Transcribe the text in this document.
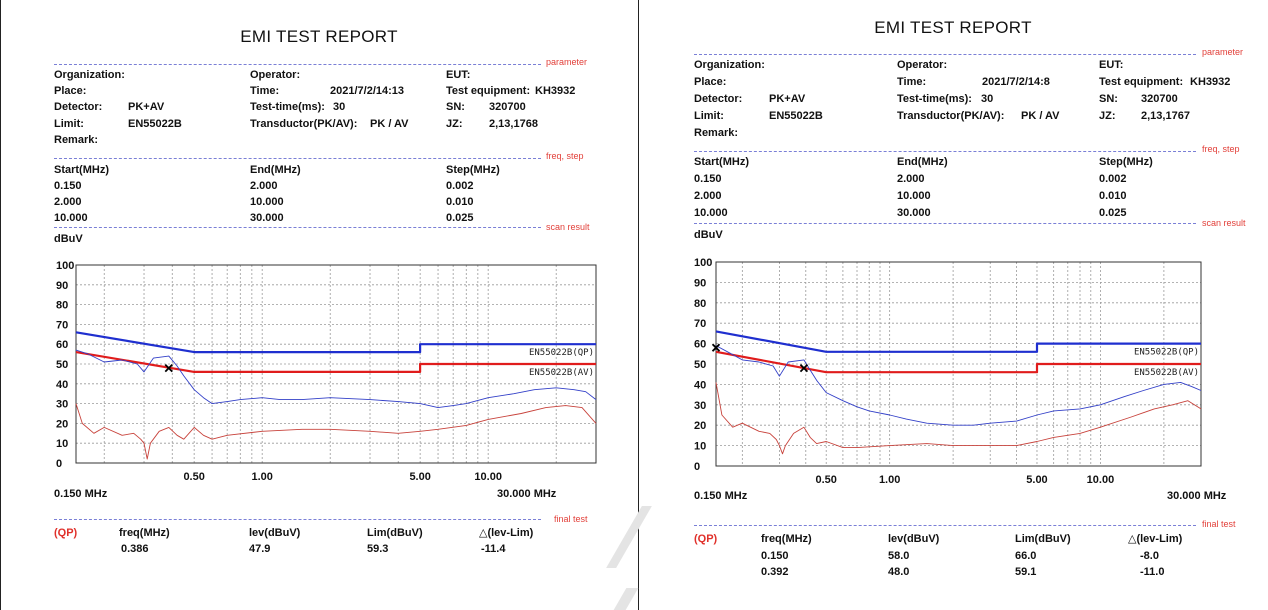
EMI TEST REPORT
parameter
Organization:
Place:
Detector: PK+AV
Limit:	EN55022B
Remark:
Operator:
Time:	2021/7/2/14:13
Test-time(ms): 30
Transductor(PK/AV): PK / AV
EUT:
Test equipment: KH3932
SN: 320700
JZ: 2,13,1768
freq, step
Start(MHz)	End(MHz)	Step(MHz)
0.150	2.000	0.002
2.000	10.000	0.010
10.000	30.000	0.025
scan result
dBuV
0
10
20
30
40
50
60
70
80
90
100
0.50	1.00	5.00	10.00
EN55022B(QP)
EN55022B(AV)
0.150 MHz	30.000 MHz
final test
(QP)	freq(MHz)	lev(dBuV)	Lim(dBuV)	△(lev-Lim)
0.386	47.9	59.3	-11.4
EMI TEST REPORT
parameter
Organization:
Place:
Detector: PK+AV
Limit:	EN55022B
Remark:
Operator:
Time:	2021/7/2/14:8
Test-time(ms): 30
Transductor(PK/AV): PK / AV
EUT:
Test equipment: KH3932
SN: 320700
JZ: 2,13,1767
freq, step
Start(MHz)	End(MHz)	Step(MHz)
0.150	2.000	0.002
2.000	10.000	0.010
10.000	30.000	0.025
scan result
dBuV
0
10
20
30
40
50
60
70
80
90
100
0.50	1.00	5.00	10.00
EN55022B(QP)
EN55022B(AV)
0.150 MHz	30.000 MHz
final test
(QP)	freq(MHz)	lev(dBuV)	Lim(dBuV)	△(lev-Lim)
0.150	58.0	66.0	-8.0
0.392	48.0	59.1	-11.0
